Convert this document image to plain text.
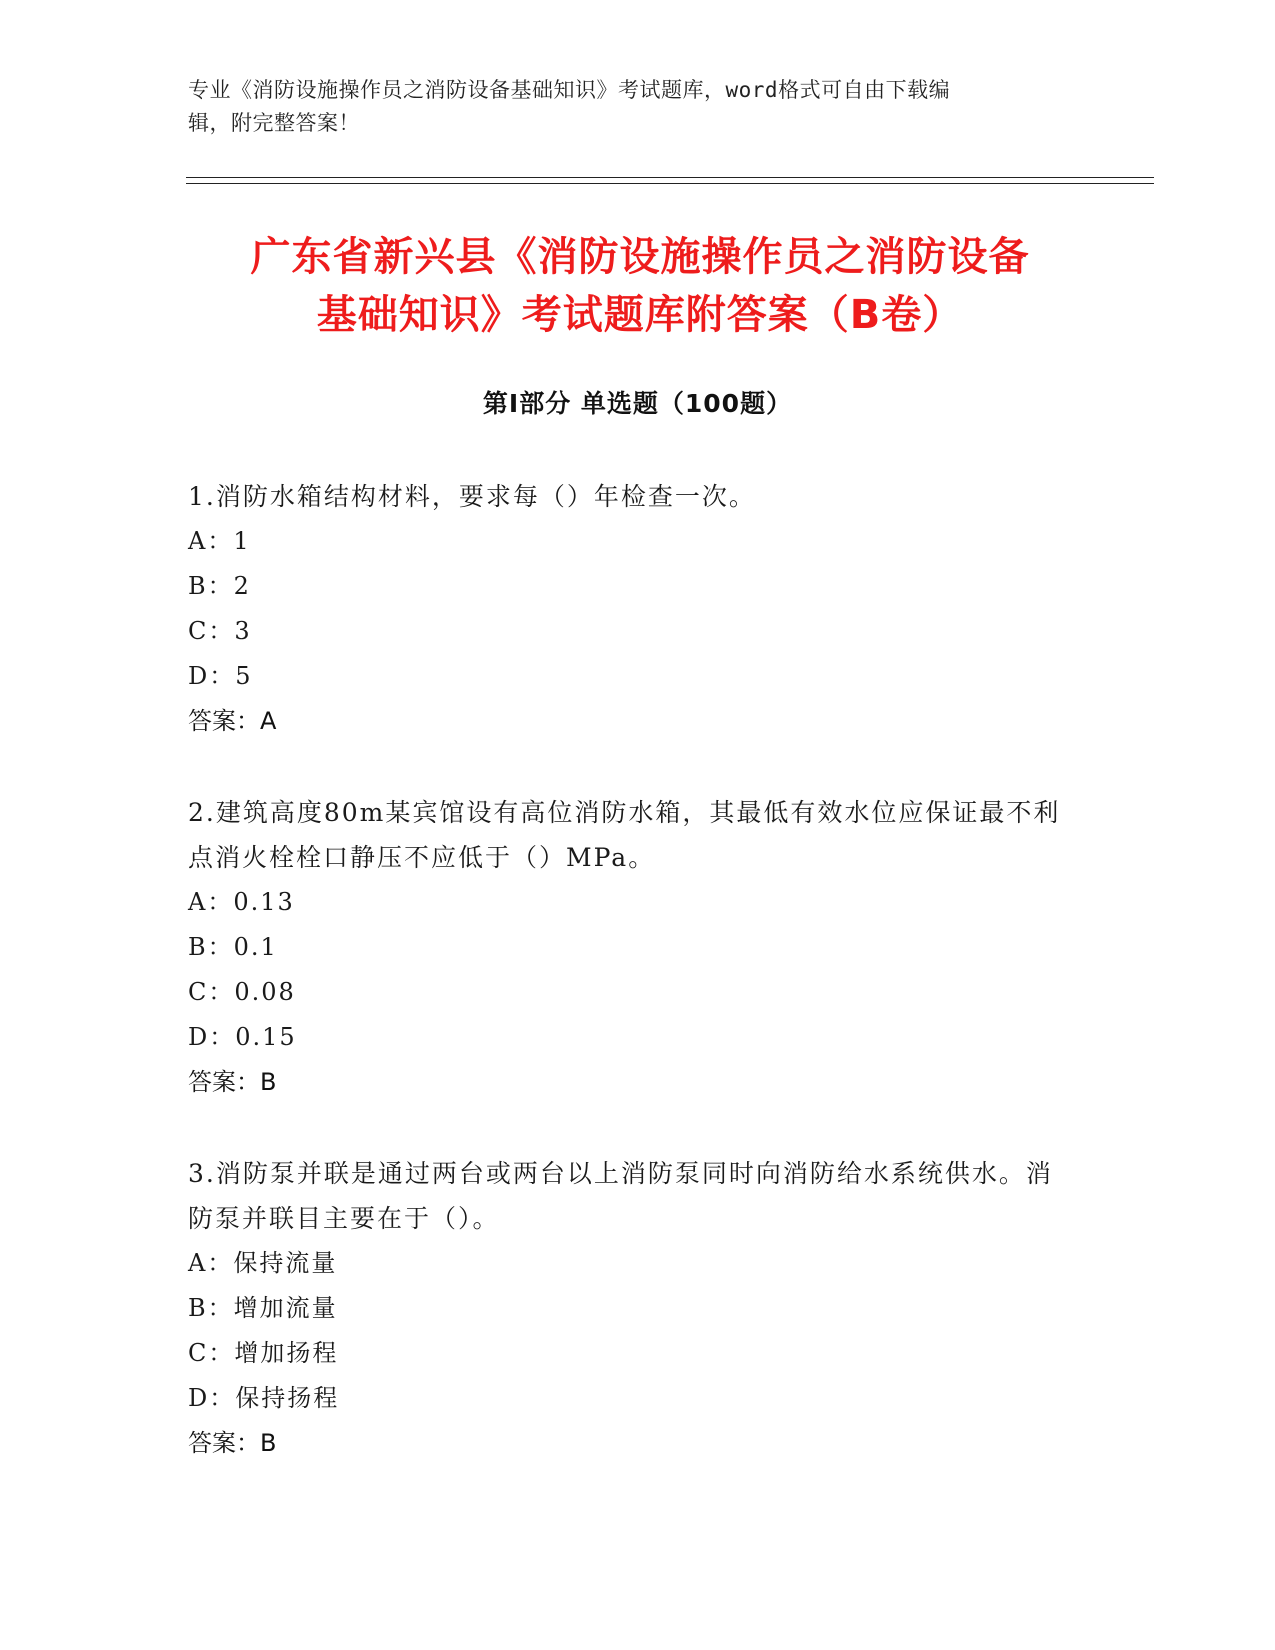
专业《消防设施操作员之消防设备基础知识》考试题库，word格式可自由下载编
辑，附完整答案！
广东省新兴县《消防设施操作员之消防设备
基础知识》考试题库附答案（B卷）
第Ⅰ部分 单选题（100题）

1.消防水箱结构材料，要求每（）年检查一次。

A：1

B：2

C：3

D：5

答案：A

2.建筑高度80m某宾馆设有高位消防水箱，其最低有效水位应保证最不利点消火栓栓口静压不应低于（）MPa。

A：0.13

B：0.1

C：0.08

D：0.15

答案：B

3.消防泵并联是通过两台或两台以上消防泵同时向消防给水系统供水。消防泵并联目主要在于（）。

A：保持流量

B：增加流量

C：增加扬程

D：保持扬程

答案：B
